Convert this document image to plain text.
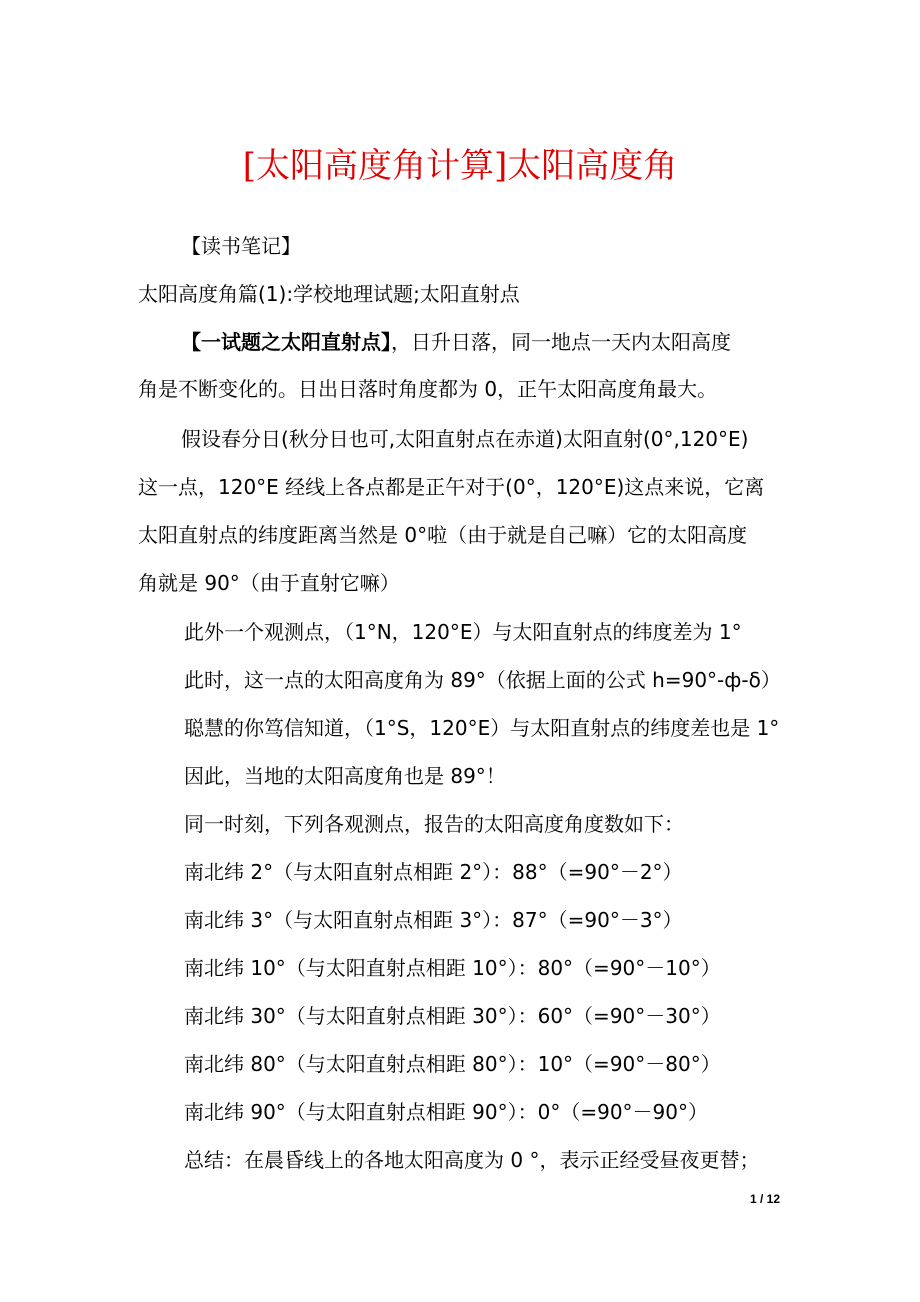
[太阳高度角计算]太阳高度角
【读书笔记】
太阳高度角篇(1):学校地理试题;太阳直射点
【一试题之太阳直射点】，日升日落，同一地点一天内太阳高度
角是不断变化的。日出日落时角度都为 0，正午太阳高度角最大。
假设春分日(秋分日也可,太阳直射点在赤道)太阳直射(0°,120°E)
这一点，120°E 经线上各点都是正午对于(0°，120°E)这点来说，它离
太阳直射点的纬度距离当然是 0°啦（由于就是自己嘛）它的太阳高度
角就是 90°（由于直射它嘛）
此外一个观测点，（1°N，120°E）与太阳直射点的纬度差为 1°
此时，这一点的太阳高度角为 89°（依据上面的公式 h=90°-ф-δ）
聪慧的你笃信知道，（1°S，120°E）与太阳直射点的纬度差也是 1°
因此，当地的太阳高度角也是 89°！
同一时刻，下列各观测点，报告的太阳高度角度数如下：
南北纬 2°（与太阳直射点相距 2°）：88°（=90°－2°）
南北纬 3°（与太阳直射点相距 3°）：87°（=90°－3°）
南北纬 10°（与太阳直射点相距 10°）：80°（=90°－10°）
南北纬 30°（与太阳直射点相距 30°）：60°（=90°－30°）
南北纬 80°（与太阳直射点相距 80°）：10°（=90°－80°）
南北纬 90°（与太阳直射点相距 90°）：0°（=90°－90°）
总结：在晨昏线上的各地太阳高度为 0 °，表示正经受昼夜更替；
1 / 12
